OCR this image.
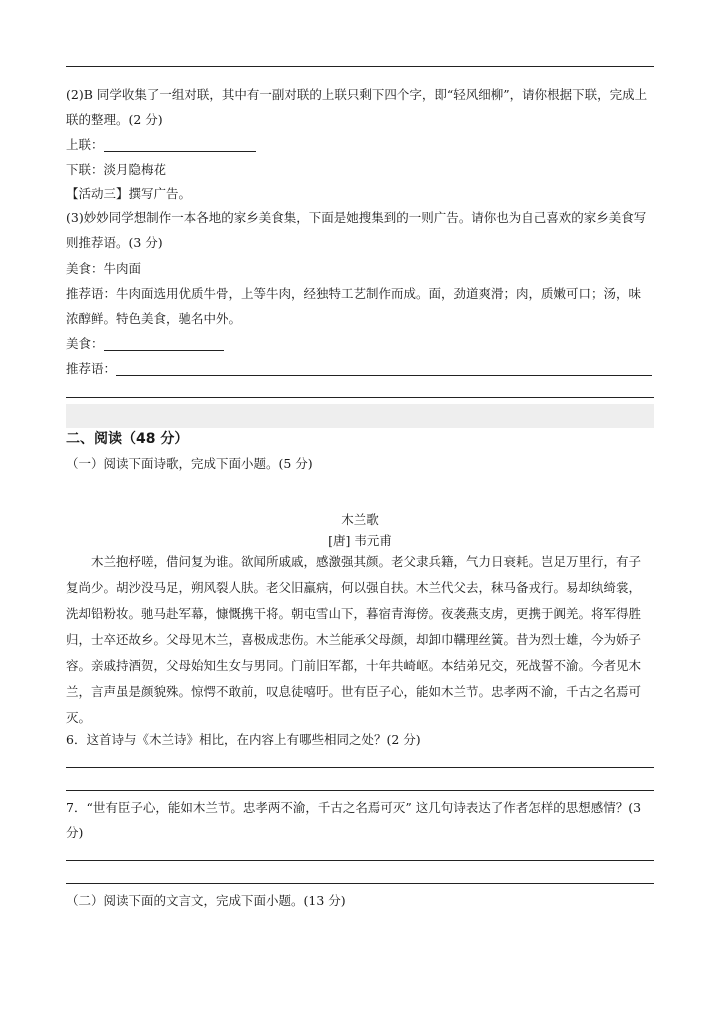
(2)B 同学收集了一组对联，其中有一副对联的上联只剩下四个字，即“轻风细柳”，请你根据下联，完成上
联的整理。(2 分)
上联：
下联：淡月隐梅花
【活动三】撰写广告。
(3)妙妙同学想制作一本各地的家乡美食集，下面是她搜集到的一则广告。请你也为自己喜欢的家乡美食写
则推荐语。(3 分)
美食：牛肉面
推荐语：牛肉面选用优质牛骨，上等牛肉，经独特工艺制作而成。面，劲道爽滑；肉，质嫩可口；汤，味
浓醇鲜。特色美食，驰名中外。
美食：
推荐语：
二、阅读（48 分）
（一）阅读下面诗歌，完成下面小题。(5 分)
木兰歌
[唐] 韦元甫

　　木兰抱杼嗟，借问复为谁。欲闻所戚戚，感激强其颜。老父隶兵籍，气力日衰耗。岂足万里行，有子

复尚少。胡沙没马足，朔风裂人肤。老父旧羸病，何以强自扶。木兰代父去，秣马备戎行。易却纨绮裳，

洗却铅粉妆。驰马赴军幕，慷慨携干将。朝屯雪山下，暮宿青海傍。夜袭燕支虏，更携于阗羌。将军得胜

归，士卒还故乡。父母见木兰，喜极成悲伤。木兰能承父母颜，却卸巾鞲理丝簧。昔为烈士雄，今为娇子

容。亲戚持酒贺，父母始知生女与男同。门前旧军都，十年共崎岖。本结弟兄交，死战誓不渝。今者见木

兰，言声虽是颜貌殊。惊愕不敢前，叹息徒嘻吁。世有臣子心，能如木兰节。忠孝两不渝，千古之名焉可

灭。

6．这首诗与《木兰诗》相比，在内容上有哪些相同之处？(2 分)
7．“世有臣子心，能如木兰节。忠孝两不渝，千古之名焉可灭” 这几句诗表达了作者怎样的思想感情？(3
分)
（二）阅读下面的文言文，完成下面小题。(13 分)
